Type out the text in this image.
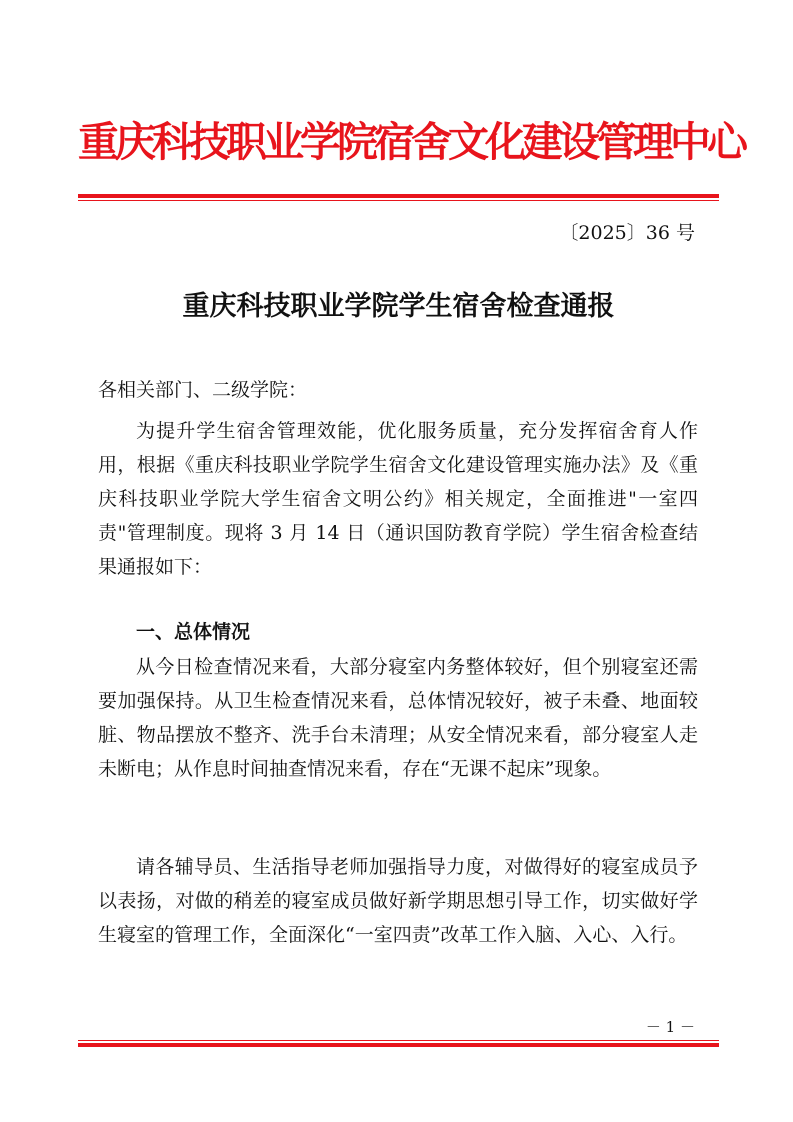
重庆科技职业学院宿舍文化建设管理中心
〔2025〕36 号
重庆科技职业学院学生宿舍检查通报
各相关部门、二级学院：
为提升学生宿舍管理效能，优化服务质量，充分发挥宿舍育人作用，根据《重庆科技职业学院学生宿舍文化建设管理实施办法》及《重庆科技职业学院大学生宿舍文明公约》相关规定，全面推进"一室四责"管理制度。现将 3 月 14 日（通识国防教育学院）学生宿舍检查结果通报如下：
一、总体情况
从今日检查情况来看，大部分寝室内务整体较好，但个别寝室还需要加强保持。从卫生检查情况来看，总体情况较好，被子未叠、地面较脏、物品摆放不整齐、洗手台未清理；从安全情况来看，部分寝室人走未断电；从作息时间抽查情况来看，存在“无课不起床”现象。
请各辅导员、生活指导老师加强指导力度，对做得好的寝室成员予以表扬，对做的稍差的寝室成员做好新学期思想引导工作，切实做好学生寝室的管理工作，全面深化“一室四责”改革工作入脑、入心、入行。
－ 1 －
